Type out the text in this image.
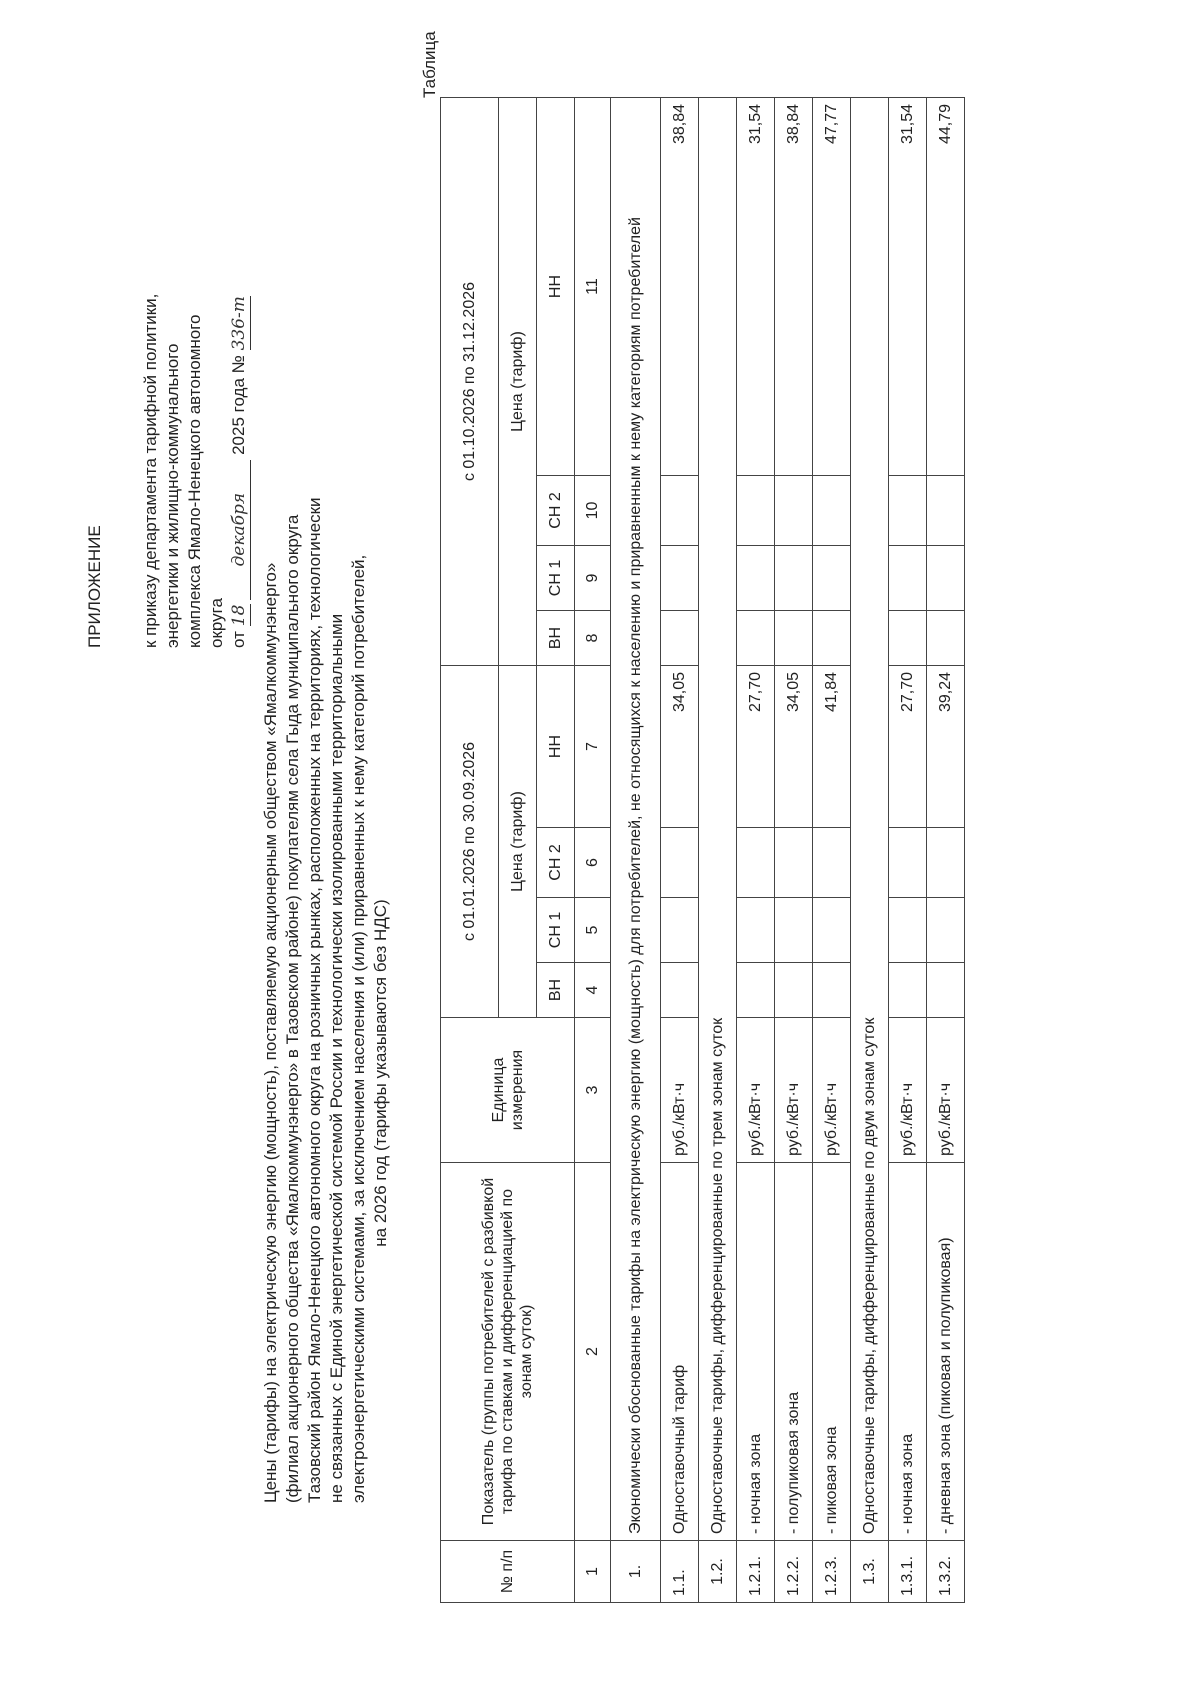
ПРИЛОЖЕНИЕ к приказу департамента тарифной политики, энергетики и жилищно-коммунального комплекса Ямало-Ненецкого автономного округа от 18 декабря 2025 года № 336-т
Цены (тарифы) на электрическую энергию (мощность), поставляемую акционерным обществом «Ямалкоммунэнерго» (филиал акционерного общества «Ямалкоммунэнерго» в Тазовском районе) покупателям села Гыда муниципального округа Тазовский район Ямало-Ненецкого автономного округа на розничных рынках, расположенных на территориях, технологически не связанных с Единой энергетической системой России и технологически изолированными территориальными электроэнергетическими системами, за исключением населения и (или) приравненных к нему категорий потребителей, на 2026 год (тарифы указываются без НДС)
Таблица
№ п/п	Показатель (группы потребителей с разбивкой тарифа по ставкам и дифференциацией по зонам суток)	Единица измерения	с 01.01.2026 по 30.09.2026				с 01.10.2026 по 31.12.2026			
			Цена (тариф)				Цена (тариф)			
			ВН	СН 1	СН 2	НН	ВН	СН 1	СН 2	НН
1	2	3	4	5	6	7	8	9	10	11
1.	Экономически обоснованные тарифы на электрическую энергию (мощность) для потребителей, не относящихся к населению и приравненным к нему категориям потребителей									
1.1.	Одноставочный тариф	руб./кВт·ч				34,05				38,84
1.2.	Одноставочные тарифы, дифференцированные по трем зонам суток									
1.2.1.	- ночная зона	руб./кВт·ч				27,70				31,54
1.2.2.	- полупиковая зона	руб./кВт·ч				34,05				38,84
1.2.3.	- пиковая зона	руб./кВт·ч				41,84				47,77
1.3.	Одноставочные тарифы, дифференцированные по двум зонам суток									
1.3.1.	- ночная зона	руб./кВт·ч				27,70				31,54
1.3.2.	- дневная зона (пиковая и полупиковая)	руб./кВт·ч				39,24				44,79
